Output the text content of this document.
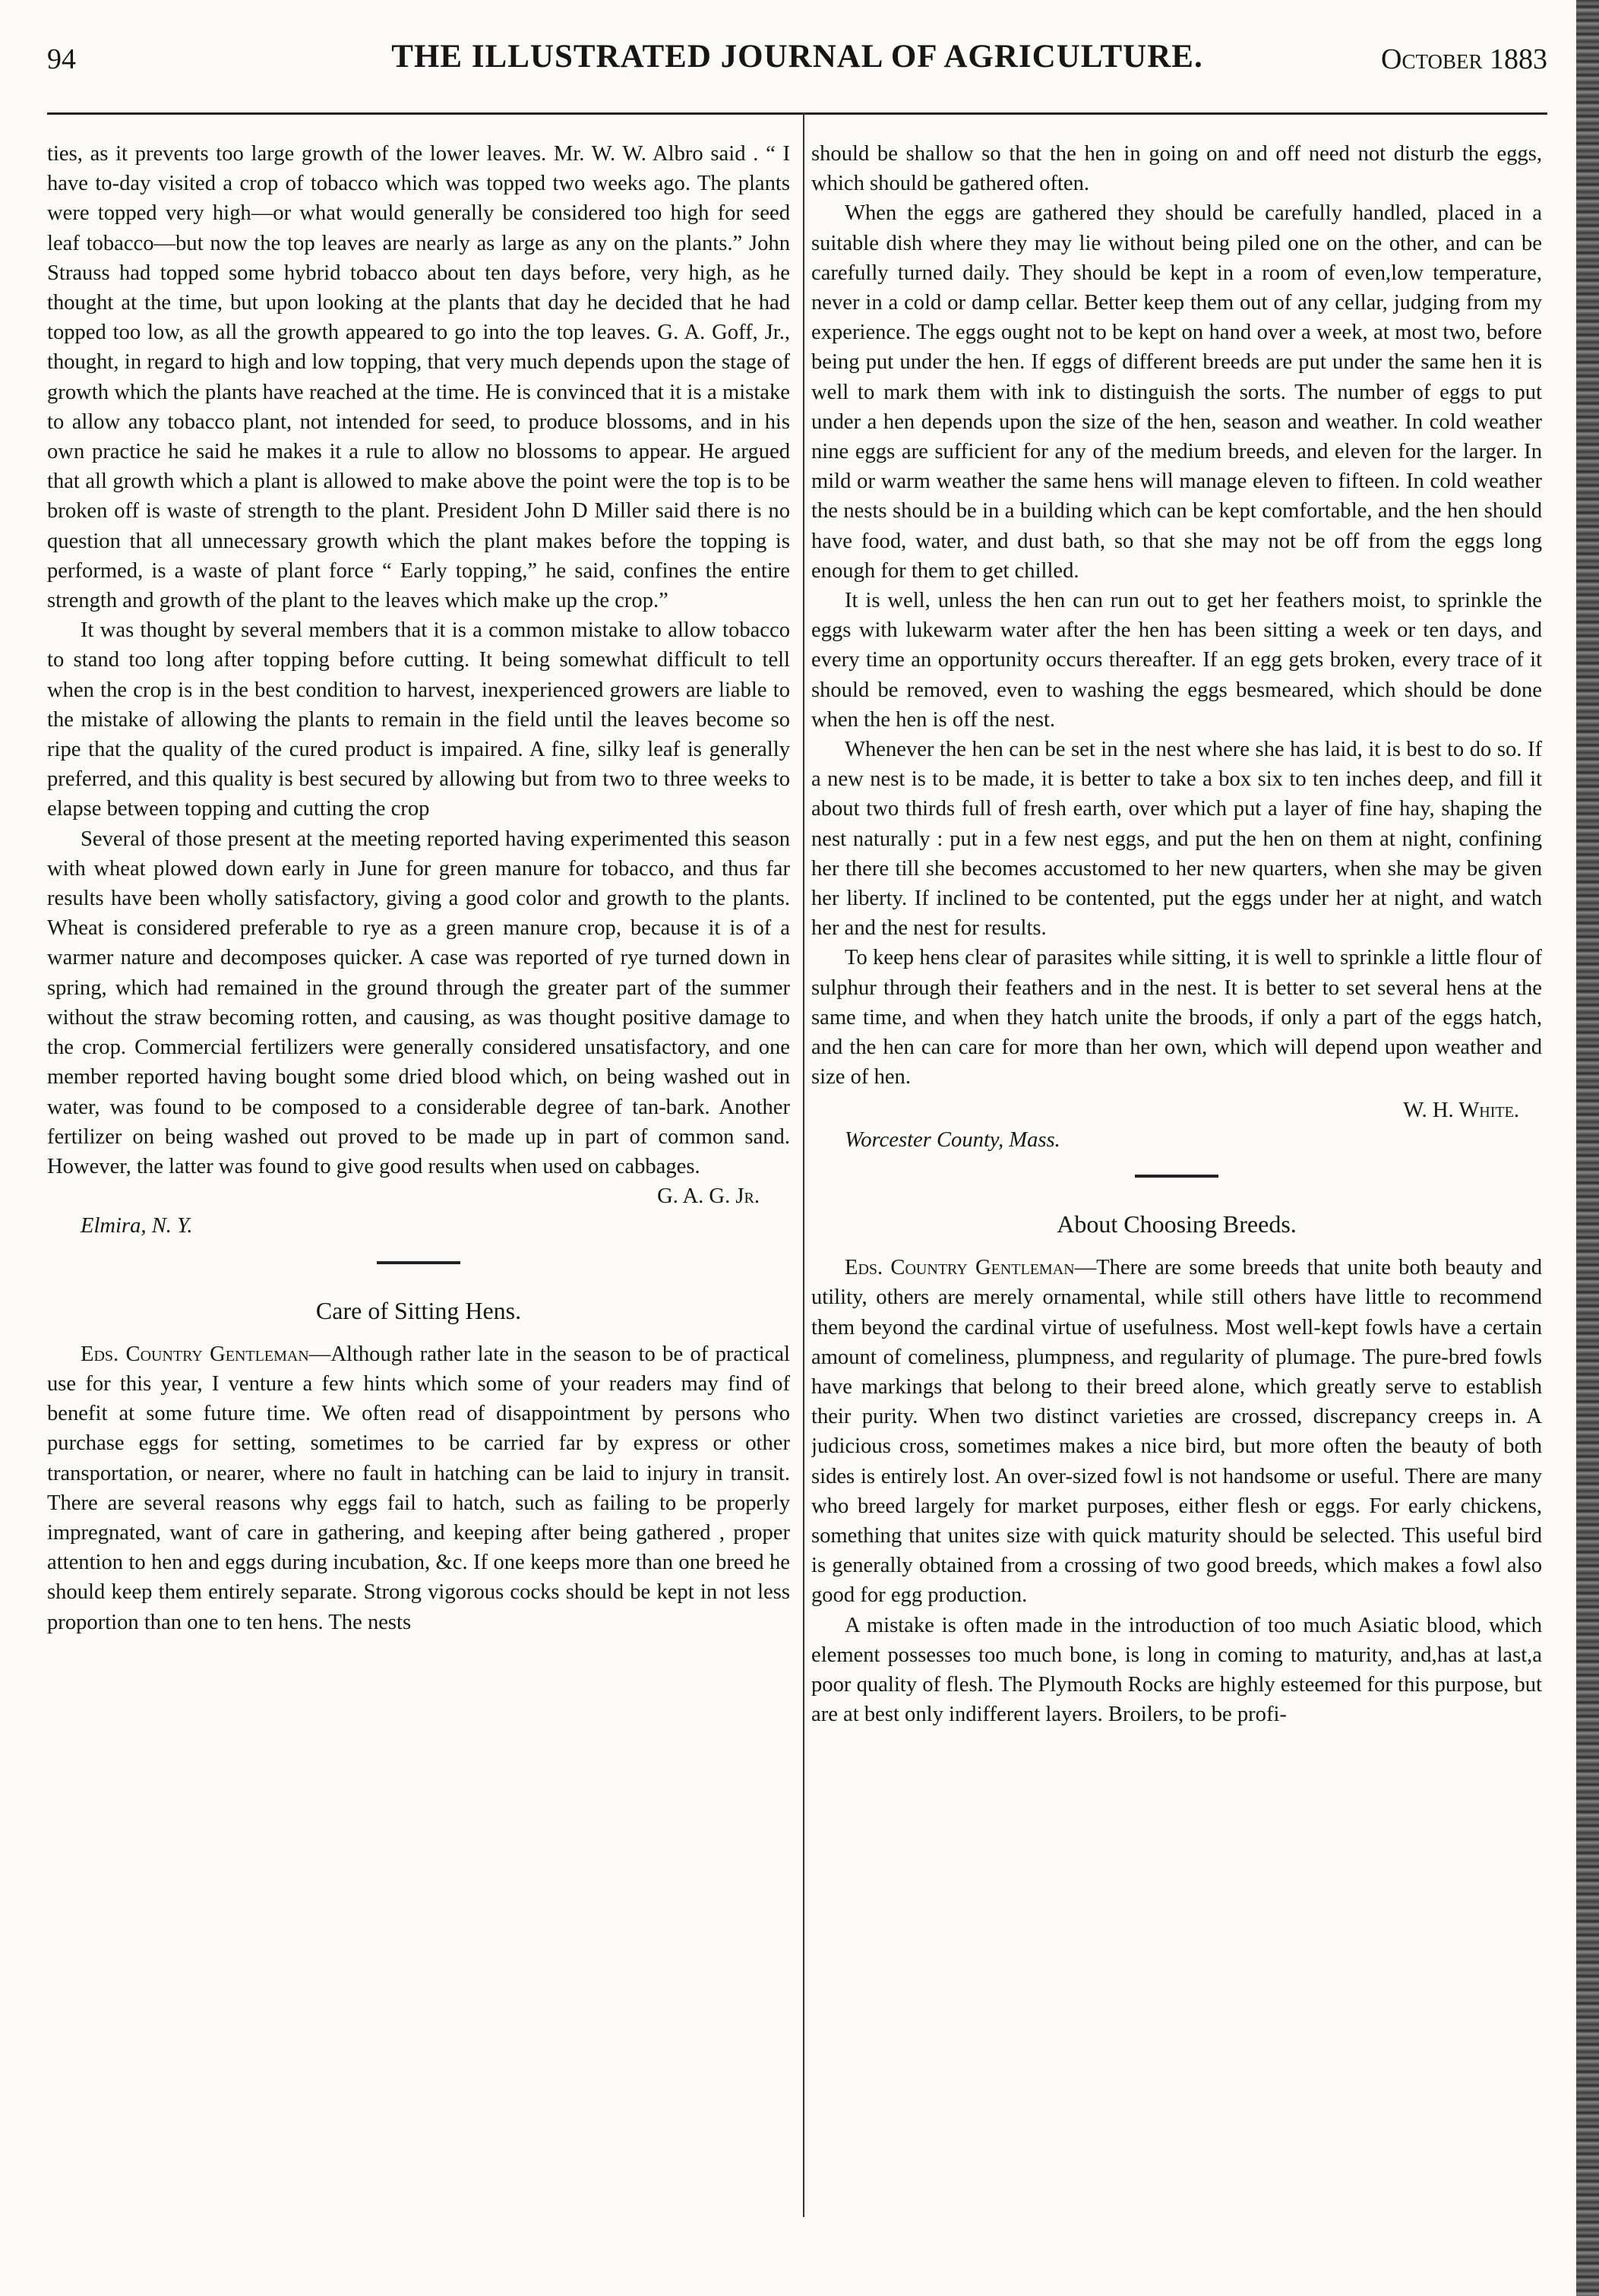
94	THE ILLUSTRATED JOURNAL OF AGRICULTURE.	October 1883

ties, as it prevents too large growth of the lower leaves. Mr. W. W. Albro said . “ I have to-day visited a crop of tobacco which was topped two weeks ago. The plants were topped very high—or what would generally be considered too high for seed leaf tobacco—but now the top leaves are nearly as large as any on the plants.” John Strauss had topped some hybrid tobacco about ten days before, very high, as he thought at the time, but upon looking at the plants that day he decided that he had topped too low, as all the growth appeared to go into the top leaves. G. A. Goff, Jr., thought, in regard to high and low topping, that very much depends upon the stage of growth which the plants have reached at the time. He is convinced that it is a mistake to allow any tobacco plant, not intended for seed, to produce blossoms, and in his own practice he said he makes it a rule to allow no blossoms to appear. He argued that all growth which a plant is allowed to make above the point were the top is to be broken off is waste of strength to the plant. President John D Miller said there is no question that all unnecessary growth which the plant makes before the topping is performed, is a waste of plant force “ Early topping,” he said, confines the entire strength and growth of the plant to the leaves which make up the crop.”

It was thought by several members that it is a common mistake to allow tobacco to stand too long after topping before cutting. It being somewhat difficult to tell when the crop is in the best condition to harvest, inexperienced growers are liable to the mistake of allowing the plants to remain in the field until the leaves become so ripe that the quality of the cured product is impaired. A fine, silky leaf is generally preferred, and this quality is best secured by allowing but from two to three weeks to elapse between topping and cutting the crop

Several of those present at the meeting reported having experimented this season with wheat plowed down early in June for green manure for tobacco, and thus far results have been wholly satisfactory, giving a good color and growth to the plants. Wheat is considered preferable to rye as a green manure crop, because it is of a warmer nature and decomposes quicker. A case was reported of rye turned down in spring, which had remained in the ground through the greater part of the summer without the straw becoming rotten, and causing, as was thought positive damage to the crop. Commercial fertilizers were generally considered unsatisfactory, and one member reported having bought some dried blood which, on being washed out in water, was found to be composed to a considerable degree of tan-bark. Another fertilizer on being washed out proved to be made up in part of common sand. However, the latter was found to give good results when used on cabbages.
G. A. G. Jr.

Elmira, N. Y.

Care of Sitting Hens.

Eds. Country Gentleman—Although rather late in the season to be of practical use for this year, I venture a few hints which some of your readers may find of benefit at some future time. We often read of disappointment by persons who purchase eggs for setting, sometimes to be carried far by express or other transportation, or nearer, where no fault in hatching can be laid to injury in transit. There are several reasons why eggs fail to hatch, such as failing to be properly impregnated, want of care in gathering, and keeping after being gathered , proper attention to hen and eggs during incubation, &c. If one keeps more than one breed he should keep them entirely separate. Strong vigorous cocks should be kept in not less proportion than one to ten hens. The nests

should be shallow so that the hen in going on and off need not disturb the eggs, which should be gathered often.

When the eggs are gathered they should be carefully handled, placed in a suitable dish where they may lie without being piled one on the other, and can be carefully turned daily. They should be kept in a room of even,low temperature, never in a cold or damp cellar. Better keep them out of any cellar, judging from my experience. The eggs ought not to be kept on hand over a week, at most two, before being put under the hen. If eggs of different breeds are put under the same hen it is well to mark them with ink to distinguish the sorts. The number of eggs to put under a hen depends upon the size of the hen, season and weather. In cold weather nine eggs are sufficient for any of the medium breeds, and eleven for the larger. In mild or warm weather the same hens will manage eleven to fifteen. In cold weather the nests should be in a building which can be kept comfortable, and the hen should have food, water, and dust bath, so that she may not be off from the eggs long enough for them to get chilled.

It is well, unless the hen can run out to get her feathers moist, to sprinkle the eggs with lukewarm water after the hen has been sitting a week or ten days, and every time an opportunity occurs thereafter. If an egg gets broken, every trace of it should be removed, even to washing the eggs besmeared, which should be done when the hen is off the nest.

Whenever the hen can be set in the nest where she has laid, it is best to do so. If a new nest is to be made, it is better to take a box six to ten inches deep, and fill it about two thirds full of fresh earth, over which put a layer of fine hay, shaping the nest naturally : put in a few nest eggs, and put the hen on them at night, confining her there till she becomes accustomed to her new quarters, when she may be given her liberty. If inclined to be contented, put the eggs under her at night, and watch her and the nest for results.

To keep hens clear of parasites while sitting, it is well to sprinkle a little flour of sulphur through their feathers and in the nest. It is better to set several hens at the same time, and when they hatch unite the broods, if only a part of the eggs hatch, and the hen can care for more than her own, which will depend upon weather and size of hen.

W. H. White.

Worcester County, Mass.

About Choosing Breeds.

Eds. Country Gentleman—There are some breeds that unite both beauty and utility, others are merely ornamental, while still others have little to recommend them beyond the cardinal virtue of usefulness. Most well-kept fowls have a certain amount of comeliness, plumpness, and regularity of plumage. The pure-bred fowls have markings that belong to their breed alone, which greatly serve to establish their purity. When two distinct varieties are crossed, discrepancy creeps in. A judicious cross, sometimes makes a nice bird, but more often the beauty of both sides is entirely lost. An over-sized fowl is not handsome or useful. There are many who breed largely for market purposes, either flesh or eggs. For early chickens, something that unites size with quick maturity should be selected. This useful bird is generally obtained from a crossing of two good breeds, which makes a fowl also good for egg production.

A mistake is often made in the introduction of too much Asiatic blood, which element possesses too much bone, is long in coming to maturity, and,has at last,a poor quality of flesh. The Plymouth Rocks are highly esteemed for this purpose, but are at best only indifferent layers. Broilers, to be profi-
